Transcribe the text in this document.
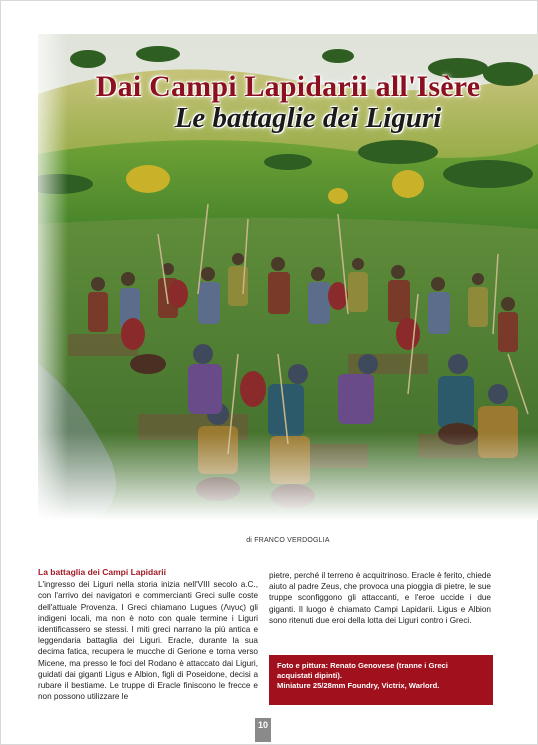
Dai Campi Lapidarii all'Isère
Le battaglie dei Liguri
di FRANCO VERDOGLIA
La battaglia dei Campi Lapidarii
L'ingresso dei Liguri nella storia inizia nell'VIII secolo a.C., con l'arrivo dei navigatori e commercianti Greci sulle coste dell'attuale Provenza. I Greci chiamano Lugues (Λιγυς) gli indigeni locali, ma non è noto con quale termine i Liguri identificassero se stessi. I miti greci narrano la più antica e leggendaria battaglia dei Liguri. Eracle, durante la sua decima fatica, recupera le mucche di Gerione e torna verso Micene, ma presso le foci del Rodano è attaccato dai Liguri, guidati dai giganti Ligus e Albion, figli di Poseidone, decisi a rubare il bestiame. Le truppe di Eracle finiscono le frecce e non possono utilizzare le
pietre, perché il terreno è acquitrinoso. Eracle è ferito, chiede aiuto al padre Zeus, che provoca una pioggia di pietre, le sue truppe sconfiggono gli attaccanti, e l'eroe uccide i due giganti. Il luogo è chiamato Campi Lapidarii. Ligus e Albion sono ritenuti due eroi della lotta dei Liguri contro i Greci.
Foto e pittura: Renato Genovese (tranne i Greci acquistati dipinti).
Miniature 25/28mm Foundry, Victrix, Warlord.
10
